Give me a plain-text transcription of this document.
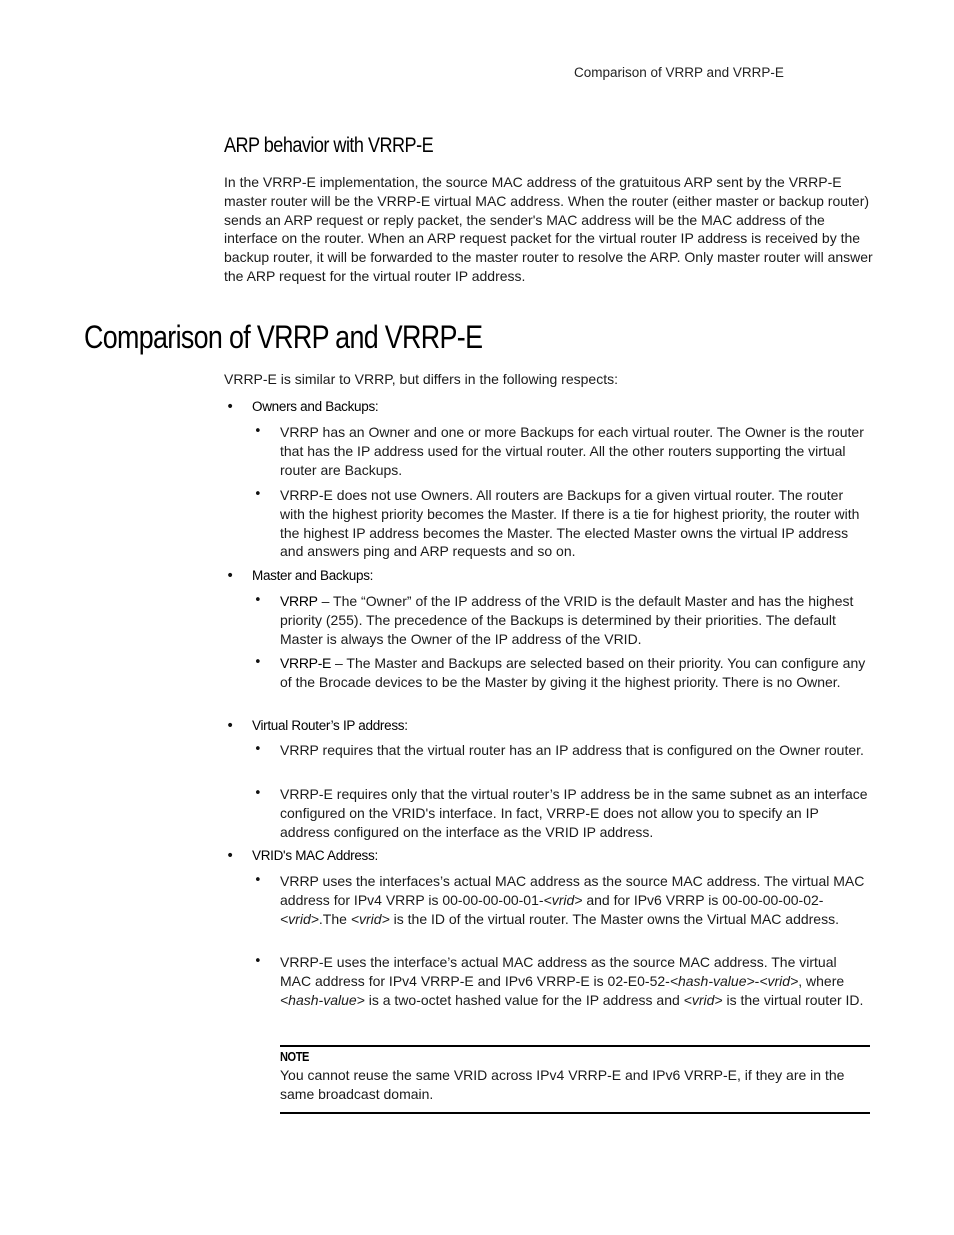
Comparison of VRRP and VRRP-E
ARP behavior with VRRP-E

In the VRRP-E implementation, the source MAC address of the gratuitous ARP sent by the VRRP-E master router will be the VRRP-E virtual MAC address. When the router (either master or backup router) sends an ARP request or reply packet, the sender's MAC address will be the MAC address of the interface on the router. When an ARP request packet for the virtual router IP address is received by the backup router, it will be forwarded to the master router to resolve the ARP. Only master router will answer the ARP request for the virtual router IP address.

Comparison of VRRP and VRRP-E

VRRP-E is similar to VRRP, but differs in the following respects:

• Owners and Backups:
• VRRP has an Owner and one or more Backups for each virtual router. The Owner is the router that has the IP address used for the virtual router. All the other routers supporting the virtual router are Backups.

• VRRP-E does not use Owners. All routers are Backups for a given virtual router. The router with the highest priority becomes the Master. If there is a tie for highest priority, the router with the highest IP address becomes the Master. The elected Master owns the virtual IP address and answers ping and ARP requests and so on.

• Master and Backups:
• VRRP – The “Owner” of the IP address of the VRID is the default Master and has the highest priority (255). The precedence of the Backups is determined by their priorities. The default Master is always the Owner of the IP address of the VRID.

• VRRP-E – The Master and Backups are selected based on their priority. You can configure any of the Brocade devices to be the Master by giving it the highest priority. There is no Owner.

• Virtual Router’s IP address:
• VRRP requires that the virtual router has an IP address that is configured on the Owner router.

• VRRP-E requires only that the virtual router’s IP address be in the same subnet as an interface configured on the VRID's interface. In fact, VRRP-E does not allow you to specify an IP address configured on the interface as the VRID IP address.

• VRID's MAC Address:
• VRRP uses the interfaces’s actual MAC address as the source MAC address. The virtual MAC address for IPv4 VRRP is 00-00-00-00-01-<vrid> and for IPv6 VRRP is 00-00-00-00-02-<vrid>.The <vrid> is the ID of the virtual router. The Master owns the Virtual MAC address.

• VRRP-E uses the interface’s actual MAC address as the source MAC address. The virtual MAC address for IPv4 VRRP-E and IPv6 VRRP-E is 02-E0-52-<hash-value>-<vrid>, where <hash-value> is a two-octet hashed value for the IP address and <vrid> is the virtual router ID.

NOTE
You cannot reuse the same VRID across IPv4 VRRP-E and IPv6 VRRP-E, if they are in the same broadcast domain.
